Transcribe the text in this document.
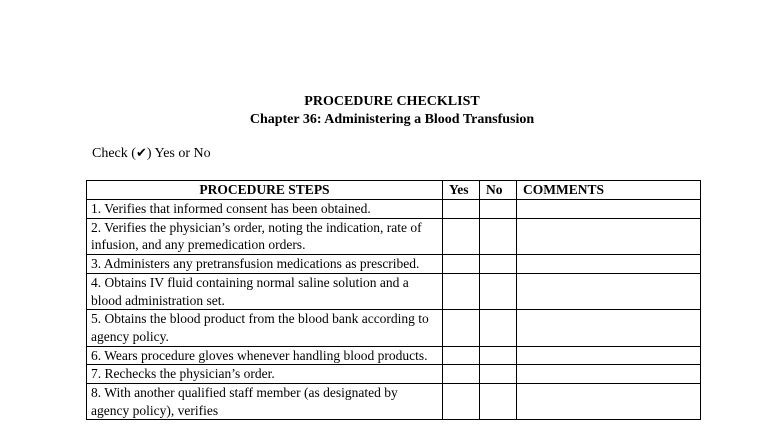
PROCEDURE CHECKLIST
Chapter 36: Administering a Blood Transfusion
Check (✔) Yes or No
PROCEDURE STEPS	Yes	No	COMMENTS
1. Verifies that informed consent has been obtained.			
2. Verifies the physician’s order, noting the indication, rate of infusion, and any premedication orders.			
3. Administers any pretransfusion medications as prescribed.			
4. Obtains IV fluid containing normal saline solution and a blood administration set.			
5. Obtains the blood product from the blood bank according to agency policy.			
6. Wears procedure gloves whenever handling blood products.			
7. Rechecks the physician’s order.			
8. With another qualified staff member (as designated by agency policy), verifies			
